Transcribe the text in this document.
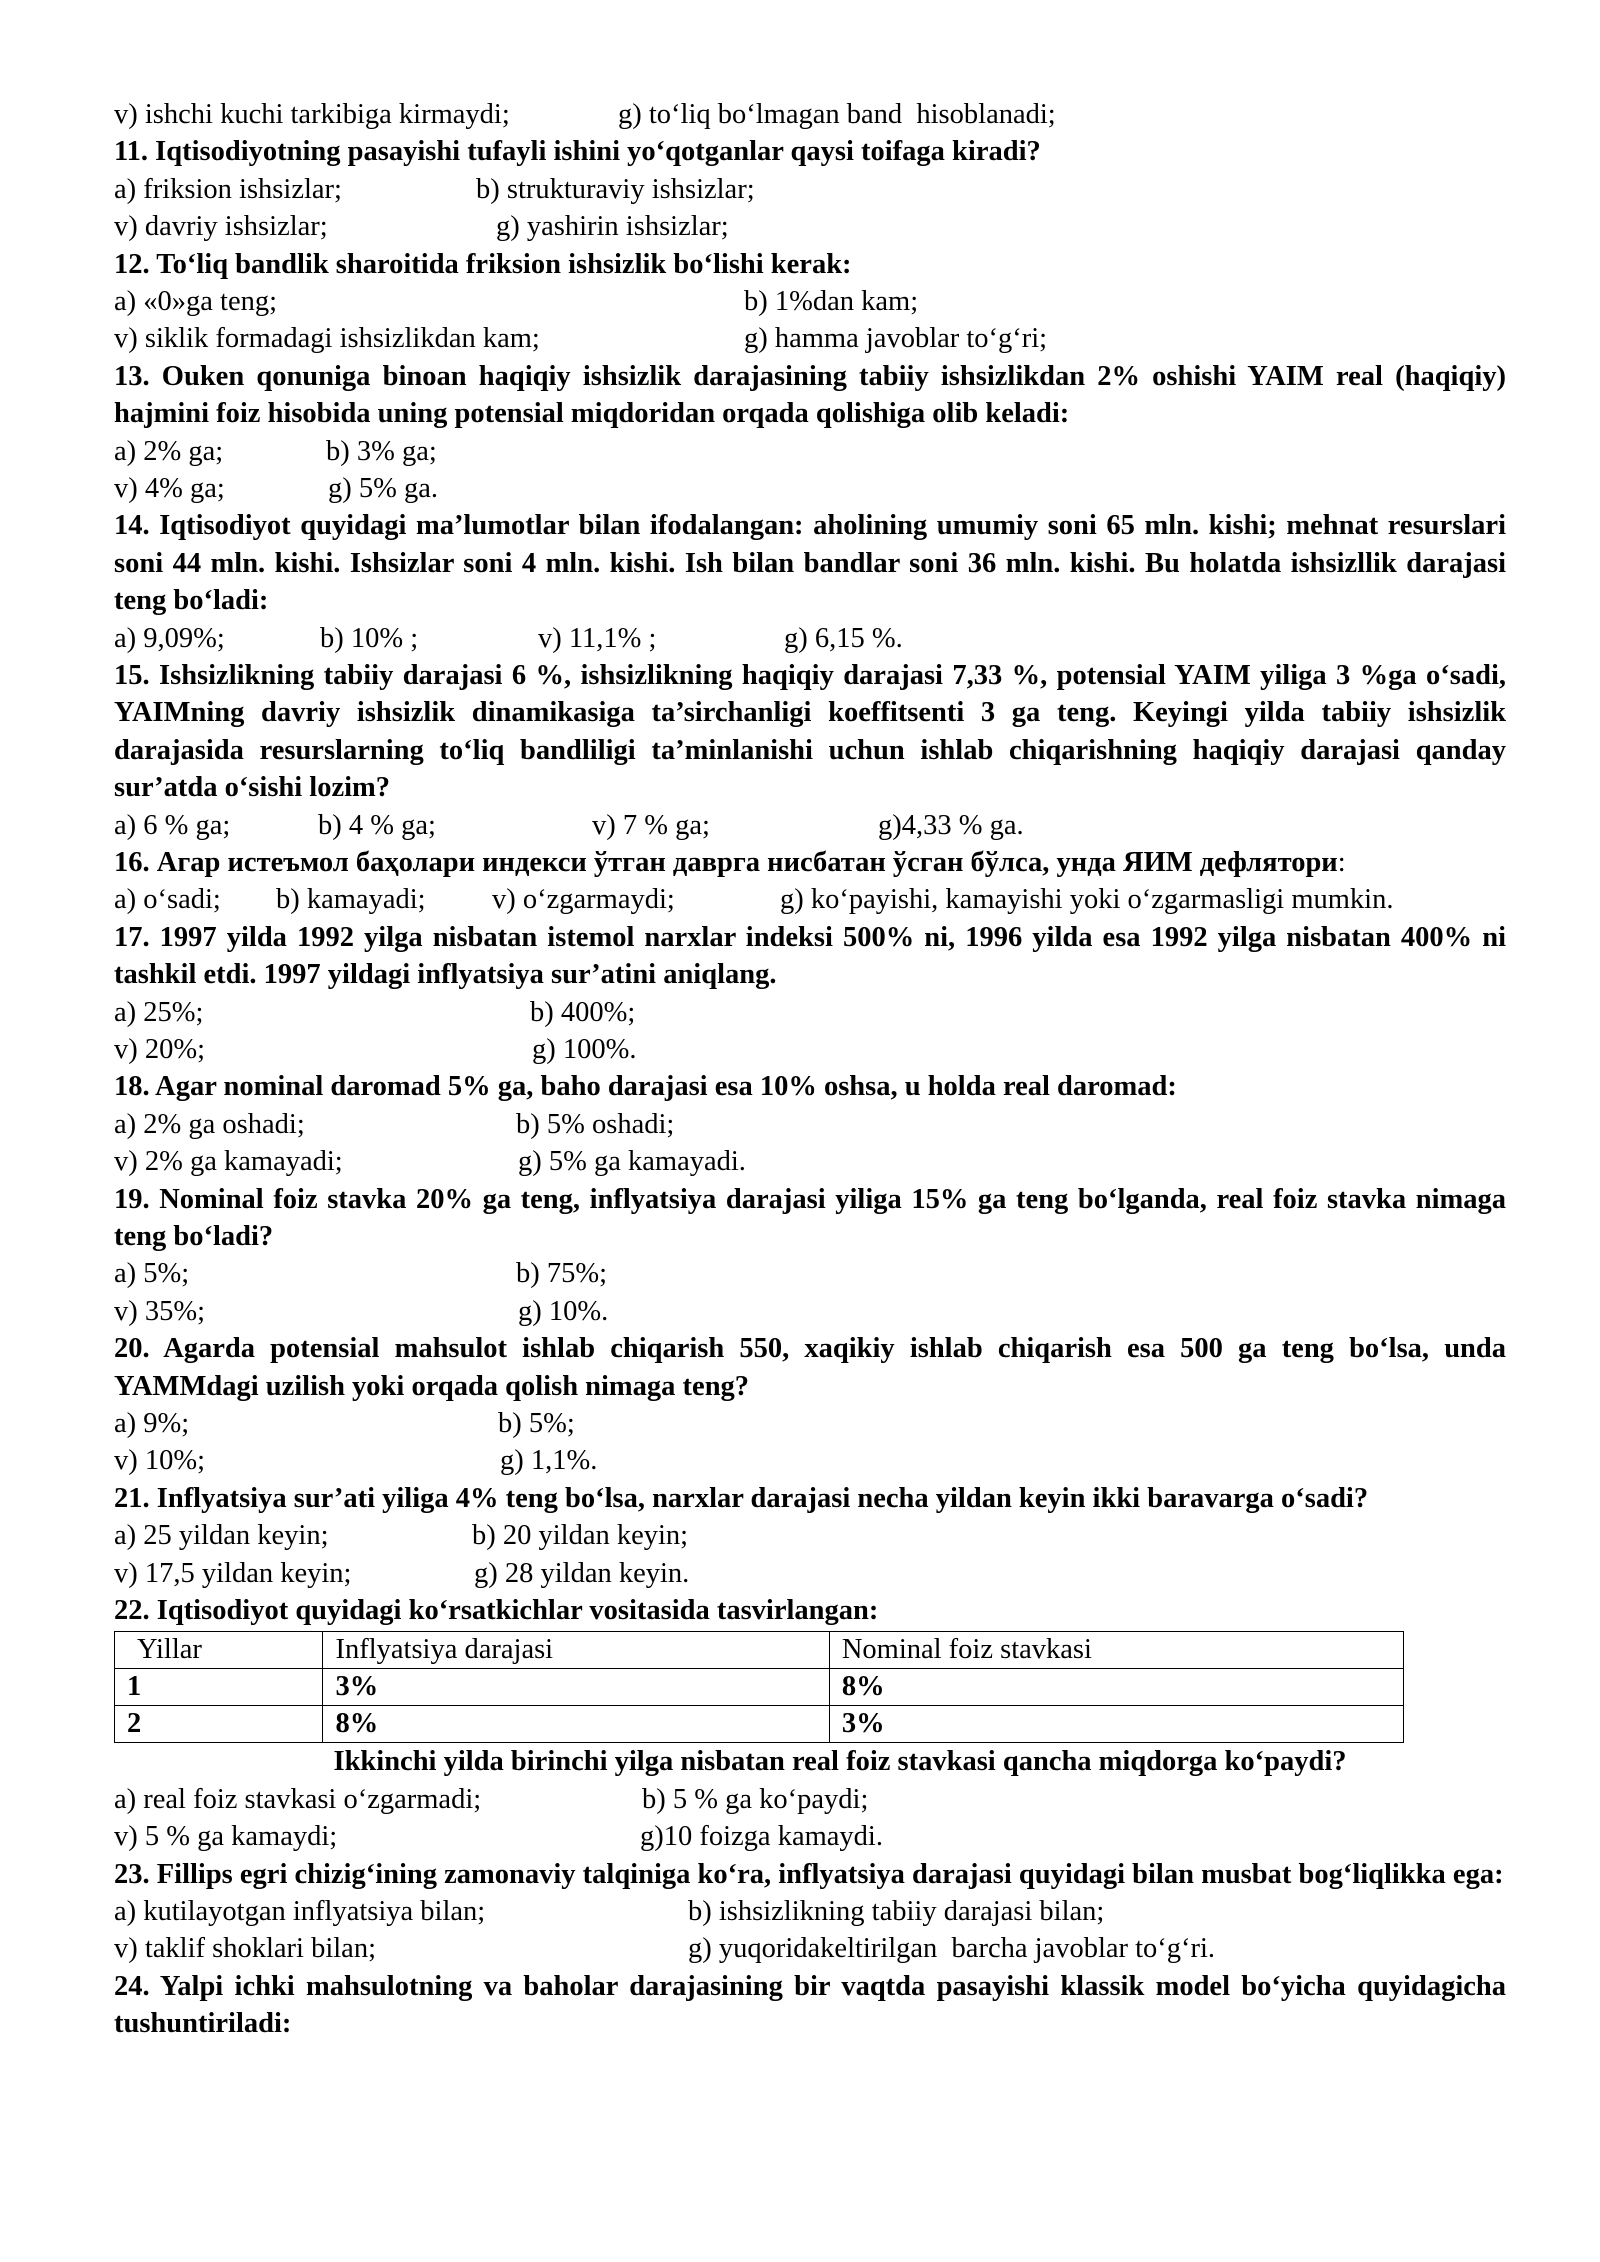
v) ishchi kuchi tarkibiga kirmaydi;	g) to‘liq bo‘lmagan band  hisoblanadi;
11. Iqtisodiyotning pasayishi tufayli ishini yo‘qotganlar qaysi toifaga kiradi?
a) friksion ishsizlar;	b) strukturaviy ishsizlar;
v) davriy ishsizlar;	g) yashirin ishsizlar;
12. To‘liq bandlik sharoitida friksion ishsizlik bo‘lishi kerak:
a) «0»ga teng;	b) 1%dan kam;
v) siklik formadagi ishsizlikdan kam;	g) hamma javoblar to‘g‘ri;
13. Ouken qonuniga binoan haqiqiy ishsizlik darajasining tabiiy ishsizlikdan 2% oshishi YAIM real (haqiqiy) hajmini foiz hisobida uning potensial miqdoridan orqada qolishiga olib keladi:
a) 2% ga;	b) 3% ga;
v) 4% ga;	g) 5% ga.
14. Iqtisodiyot quyidagi ma’lumotlar bilan ifodalangan: aholining umumiy soni 65 mln. kishi; mehnat resurslari soni 44 mln. kishi. Ishsizlar soni 4 mln. kishi. Ish bilan bandlar soni 36 mln. kishi. Bu holatda ishsizllik darajasi teng bo‘ladi:
a) 9,09%;	b) 10% ;	v) 11,1% ;	g) 6,15 %.
15. Ishsizlikning tabiiy darajasi 6 %, ishsizlikning haqiqiy darajasi 7,33 %, potensial YAIM yiliga 3 %ga o‘sadi, YAIMning davriy ishsizlik dinamikasiga ta’sirchanligi koeffitsenti 3 ga teng. Keyingi yilda tabiiy ishsizlik darajasida resurslarning to‘liq bandliligi ta’minlanishi uchun ishlab chiqarishning haqiqiy darajasi qanday sur’atda o‘sishi lozim?
a) 6 % ga;	b) 4 % ga;	v) 7 % ga;	g)4,33 % ga.
16. Агар истеъмол баҳолари индекси ўтган даврга нисбатан ўсган бўлса, унда ЯИМ дефлятори:
a) o‘sadi; b) kamayadi; v) o‘zgarmaydi;	g) ko‘payishi, kamayishi yoki o‘zgarmasligi mumkin.
17. 1997 yilda 1992 yilga nisbatan istemol narxlar indeksi 500% ni, 1996 yilda esa 1992 yilga nisbatan 400% ni tashkil etdi. 1997 yildagi inflyatsiya sur’atini aniqlang.
a) 25%;	b) 400%;
v) 20%;	g) 100%.
18. Agar nominal daromad 5% ga, baho darajasi esa 10% oshsa, u holda real daromad:
a) 2% ga oshadi;	b) 5% oshadi;
v) 2% ga kamayadi;	g) 5% ga kamayadi.
19. Nominal foiz stavka 20% ga teng, inflyatsiya darajasi yiliga 15% ga teng bo‘lganda, real foiz stavka nimaga teng bo‘ladi?
a) 5%;	b) 75%;
v) 35%;	g) 10%.
20. Agarda potensial mahsulot ishlab chiqarish 550, xaqikiy ishlab chiqarish esa 500 ga teng bo‘lsa, unda YAMMdagi uzilish yoki orqada qolish nimaga teng?
a) 9%;	b) 5%;
v) 10%;	g) 1,1%.
21. Inflyatsiya sur’ati yiliga 4% teng bo‘lsa, narxlar darajasi necha yildan keyin ikki baravarga o‘sadi?
a) 25 yildan keyin;	b) 20 yildan keyin;
v) 17,5 yildan keyin;	g) 28 yildan keyin.
22. Iqtisodiyot quyidagi ko‘rsatkichlar vositasida tasvirlangan:
Yillar	Inflyatsiya darajasi	Nominal foiz stavkasi
1	3%	8%
2	8%	3%
Ikkinchi yilda birinchi yilga nisbatan real foiz stavkasi qancha miqdorga ko‘paydi?
a) real foiz stavkasi o‘zgarmadi;	b) 5 % ga ko‘paydi;
v) 5 % ga kamaydi;	g)10 foizga kamaydi.
23. Fillips egri chizig‘ining zamonaviy talqiniga ko‘ra, inflyatsiya darajasi quyidagi bilan musbat bog‘liqlikka ega:
a) kutilayotgan inflyatsiya bilan;	b) ishsizlikning tabiiy darajasi bilan;
v) taklif shoklari bilan;	g) yuqoridakeltirilgan  barcha javoblar to‘g‘ri.
24. Yalpi ichki mahsulotning va baholar darajasining bir vaqtda pasayishi klassik model bo‘yicha quyidagicha tushuntiriladi:
